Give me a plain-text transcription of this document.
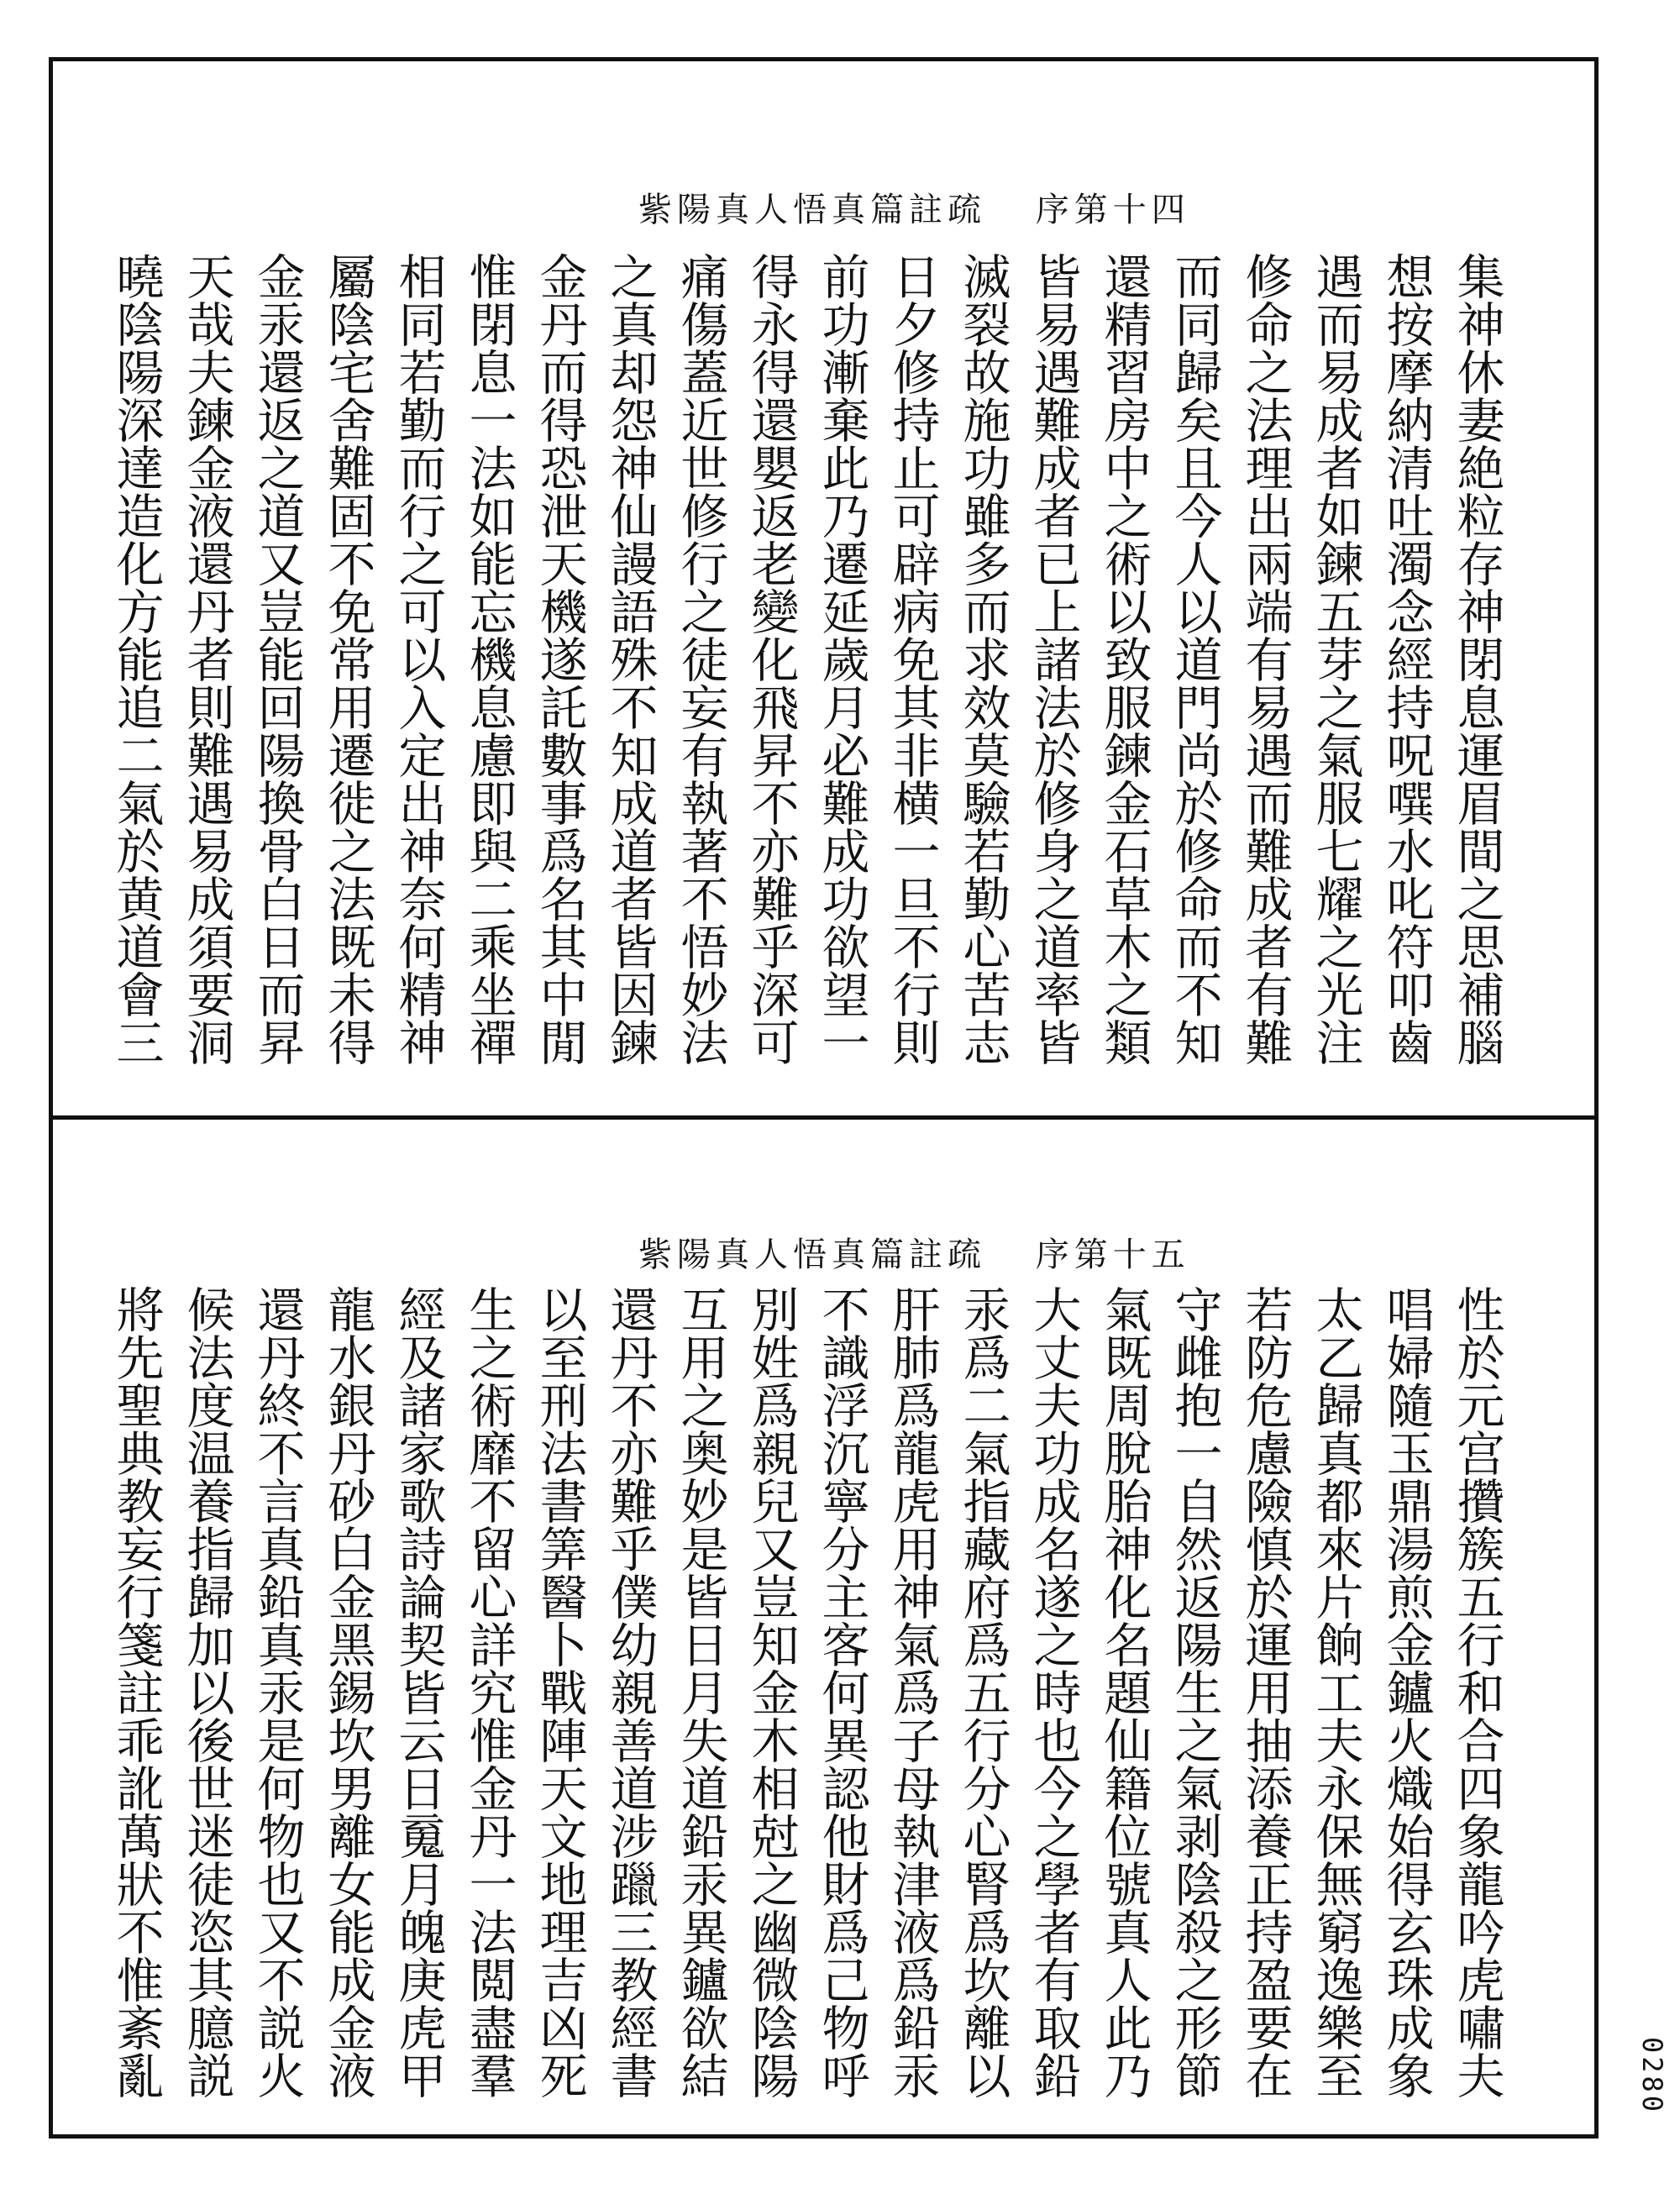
紫陽真人悟真篇註疏 序第十四
集神休妻絶粒存神閉息運眉間之思補腦
想按摩納清吐濁念經持呪噀水叱符叩齒
遇而易成者如鍊五芽之氣服七耀之光注
修命之法理出兩端有易遇而難成者有難
而同歸矣且今人以道門尚於修命而不知
還精習房中之術以致服鍊金石草木之類
皆易遇難成者已上諸法於修身之道率皆
滅裂故施功雖多而求效莫驗若勤心苦志
日夕修持止可辟病免其非横一旦不行則
前功漸棄此乃遷延歲月必難成功欲望一
得永得還嬰返老變化飛昇不亦難乎深可
痛傷蓋近世修行之徒妄有執著不悟妙法
之真却怨神仙謾語殊不知成道者皆因鍊
金丹而得恐泄天機遂託數事爲名其中閒
惟閉息一法如能忘機息慮即與二乘坐禪
相同若勤而行之可以入定出神奈何精神
屬陰宅舍難固不免常用遷徙之法既未得
金汞還返之道又豈能回陽換骨白日而昇
天哉夫鍊金液還丹者則難遇易成須要洞
曉陰陽深達造化方能追二氣於黄道會三
紫陽真人悟真篇註疏 序第十五
性於元宫攢簇五行和合四象龍吟虎嘯夫
唱婦隨玉鼎湯煎金鑪火熾始得玄珠成象
太乙歸真都來片餉工夫永保無窮逸樂至
若防危慮險慎於運用抽添養正持盈要在
守雌抱一自然返陽生之氣剥陰殺之形節
氣既周脫胎神化名題仙籍位號真人此乃
大丈夫功成名遂之時也今之學者有取鉛
汞爲二氣指藏府爲五行分心腎爲坎離以
肝肺爲龍虎用神氣爲子母執津液爲鉛汞
不識浮沉寧分主客何異認他財爲己物呼
別姓爲親兒又豈知金木相尅之幽微陰陽
互用之奥妙是皆日月失道鉛汞異鑪欲結
還丹不亦難乎僕幼親善道涉躐三教經書
以至刑法書筭醫卜戰陣天文地理吉凶死
生之術靡不留心詳究惟金丹一法閲盡羣
經及諸家歌詩論契皆云日䰟月魄庚虎甲
龍水銀丹砂白金黑錫坎男離女能成金液
還丹終不言真鉛真汞是何物也又不説火
候法度温養指歸加以後世迷徒恣其臆説
將先聖典教妄行箋註乖訛萬狀不惟紊亂	0280
